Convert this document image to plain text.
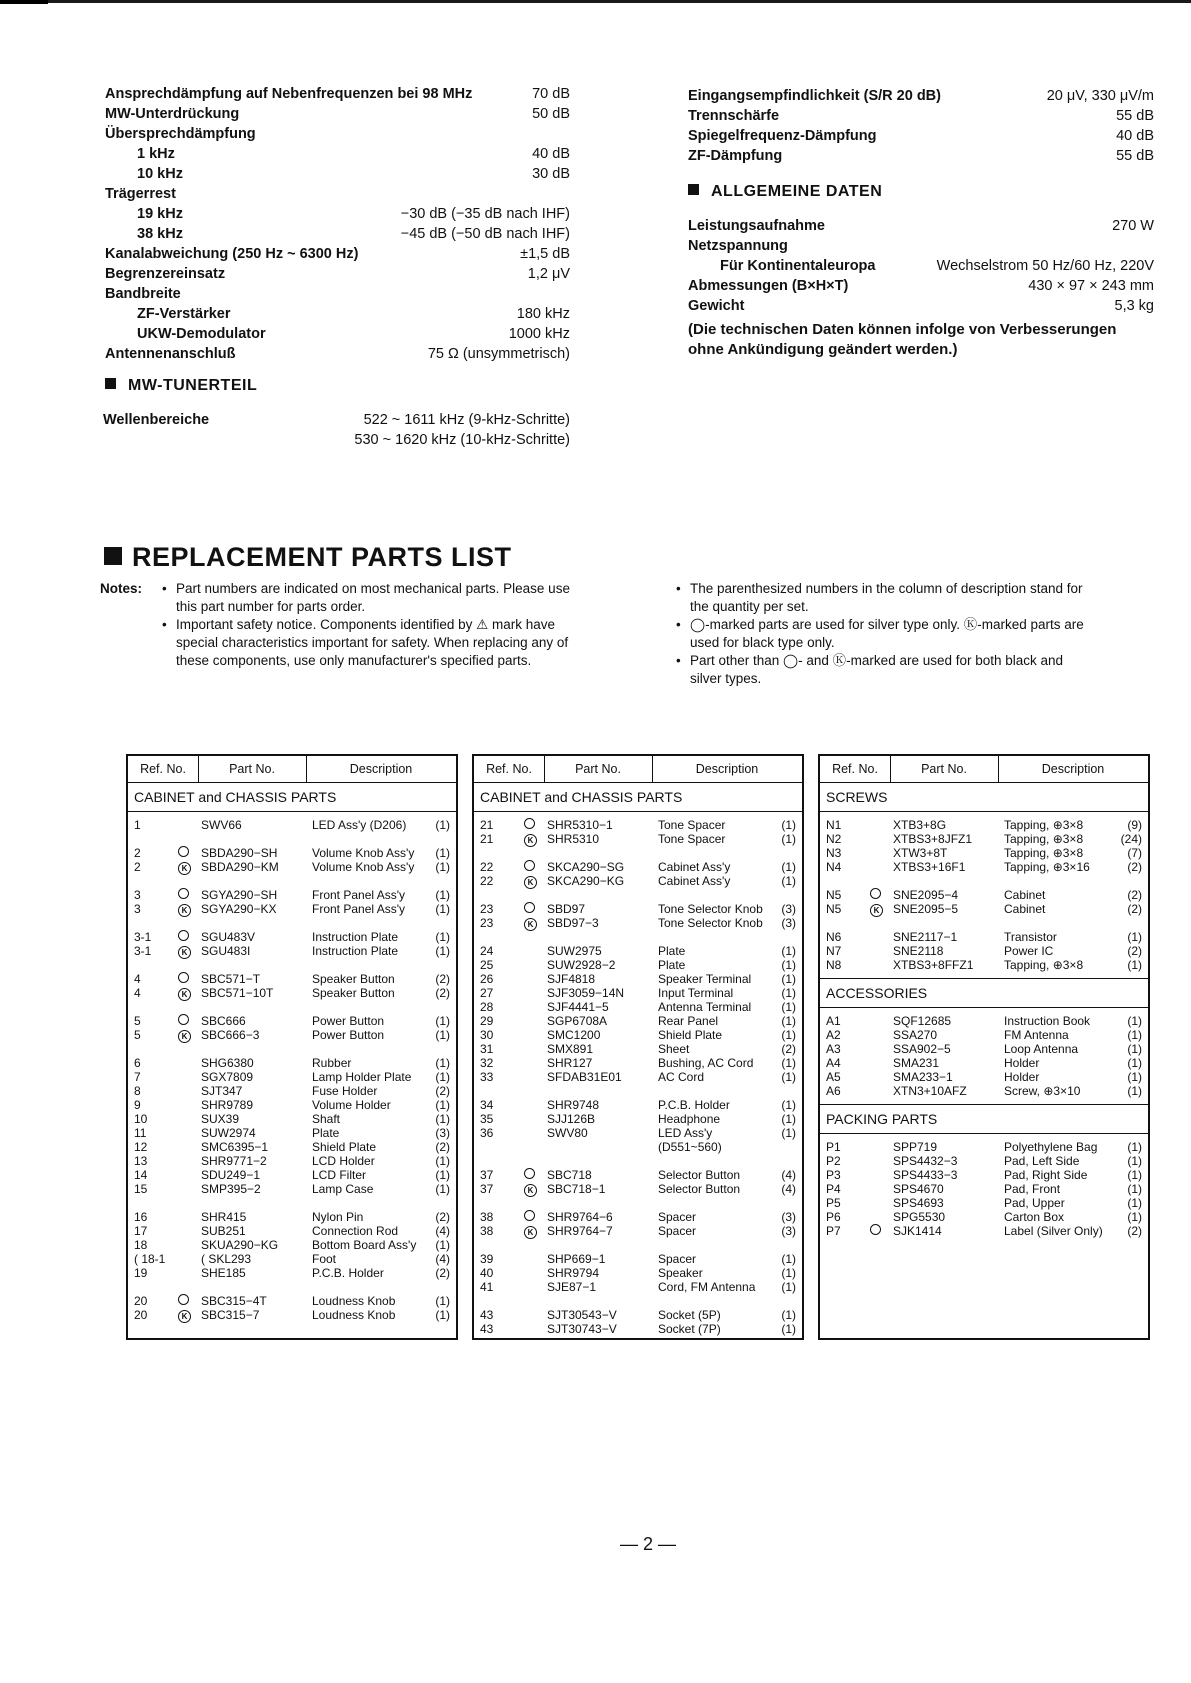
Ansprechdämpfung auf Nebenfrequenzen bei 98 MHz	70 dB
MW-Unterdrückung	50 dB
Übersprechdämpfung
1 kHz	40 dB
10 kHz	30 dB
Trägerrest
19 kHz	−30 dB (−35 dB nach IHF)
38 kHz	−45 dB (−50 dB nach IHF)
Kanalabweichung (250 Hz ~ 6300 Hz)	±1,5 dB
Begrenzereinsatz	1,2 μV
Bandbreite
ZF-Verstärker	180 kHz
UKW-Demodulator	1000 kHz
Antennenanschluß	75 Ω (unsymmetrisch)
MW-TUNERTEIL
Wellenbereiche	522 ~ 1611 kHz (9-kHz-Schritte)
530 ~ 1620 kHz (10-kHz-Schritte)
Eingangsempfindlichkeit (S/R 20 dB)	20 μV, 330 μV/m
Trennschärfe	55 dB
Spiegelfrequenz-Dämpfung	40 dB
ZF-Dämpfung	55 dB
ALLGEMEINE DATEN
Leistungsaufnahme	270 W
Netzspannung
Für Kontinentaleuropa	Wechselstrom 50 Hz/60 Hz, 220V
Abmessungen (B×H×T)	430 × 97 × 243 mm
Gewicht	5,3 kg
(Die technischen Daten können infolge von Verbesserungen ohne Ankündigung geändert werden.)
REPLACEMENT PARTS LIST
Notes:
•	Part numbers are indicated on most mechanical parts. Please use this part number for parts order.
• Important safety notice. Components identified by ⚠ mark have special characteristics important for safety. When replacing any of these components, use only manufacturer's specified parts.
• The parenthesized numbers in the column of description stand for the quantity per set.
• ◯-marked parts are used for silver type only. Ⓚ-marked parts are used for black type only.
• Part other than ◯- and Ⓚ-marked are used for both black and silver types.
Ref. No.	Part No.	Description
CABINET and CHASSIS PARTS
1	SWV66	LED Ass'y (D206) (1)
2	SBDA290−SH	Volume Knob Ass'y (1)
2	K	SBDA290−KM	Volume Knob Ass'y (1)
3	SGYA290−SH	Front Panel Ass'y	(1)
3	K	SGYA290−KX	Front Panel Ass'y	(1)
3-1	SGU483V	Instruction Plate	(1)
3-1	K	SGU483I	Instruction Plate	(1)
4	SBC571−T	Speaker Button	(2)
4	K	SBC571−10T	Speaker Button	(2)
5	SBC666	Power Button	(1)
5	K	SBC666−3	Power Button	(1)
6	SHG6380	Rubber	(1)
7	SGX7809	Lamp Holder Plate (1)
8	SJT347	Fuse Holder	(2)
9	SHR9789	Volume Holder	(1)
10	SUX39	Shaft	(1)
11	SUW2974	Plate	(3)
12	SMC6395−1	Shield Plate	(2)
13	SHR9771−2	LCD Holder	(1)
14	SDU249−1	LCD Filter	(1)
15	SMP395−2	Lamp Case	(1)
16	SHR415	Nylon Pin	(2)
17	SUB251	Connection Rod	(4)
18	SKUA290−KG	Bottom Board Ass'y (1)
( 18-1	( SKL293	Foot	(4)
19	SHE185	P.C.B. Holder	(2)
20	SBC315−4T	Loudness Knob	(1)
20	K	SBC315−7	Loudness Knob	(1)
Ref. No.	Part No.	Description
CABINET and CHASSIS PARTS
21	SHR5310−1	Tone Spacer	(1)
21	K	SHR5310	Tone Spacer	(1)
22	SKCA290−SG	Cabinet Ass'y	(1)
22	K	SKCA290−KG	Cabinet Ass'y	(1)
23	SBD97	Tone Selector Knob (3)
23	K	SBD97−3	Tone Selector Knob (3)
24	SUW2975	Plate	(1)
25	SUW2928−2	Plate	(1)
26	SJF4818	Speaker Terminal	(1)
27	SJF3059−14N	Input Terminal	(1)
28	SJF4441−5	Antenna Terminal	(1)
29	SGP6708A	Rear Panel	(1)
30	SMC1200	Shield Plate	(1)
31	SMX891	Sheet	(2)
32	SHR127	Bushing, AC Cord (1)
33	SFDAB31E01	AC Cord	(1)
34	SHR9748	P.C.B. Holder	(1)
35	SJJ126B	Headphone	(1)
36	SWV80	LED Ass'y	(1)
(D551~560)
37	SBC718	Selector Button	(4)
37	K	SBC718−1	Selector Button	(4)
38	SHR9764−6	Spacer	(3)
38	K	SHR9764−7	Spacer	(3)
39	SHP669−1	Spacer	(1)
40	SHR9794	Speaker	(1)
41	SJE87−1	Cord, FM Antenna (1)
43	SJT30543−V	Socket (5P)	(1)
43	SJT30743−V	Socket (7P)	(1)
Ref. No.	Part No.	Description
SCREWS
N1	XTB3+8G	Tapping, ⊕3×8	(9)
N2	XTBS3+8JFZ1	Tapping, ⊕3×8	(24)
N3	XTW3+8T	Tapping, ⊕3×8	(7)
N4	XTBS3+16F1	Tapping, ⊕3×16	(2)
N5	SNE2095−4	Cabinet	(2)
N5	K	SNE2095−5	Cabinet	(2)
N6	SNE2117−1	Transistor	(1)
N7	SNE2118	Power IC	(2)
N8	XTBS3+8FFZ1	Tapping, ⊕3×8	(1)
ACCESSORIES
A1	SQF12685	Instruction Book	(1)
A2	SSA270	FM Antenna	(1)
A3	SSA902−5	Loop Antenna	(1)
A4	SMA231	Holder	(1)
A5	SMA233−1	Holder	(1)
A6	XTN3+10AFZ	Screw, ⊕3×10	(1)
PACKING PARTS
P1	SPP719	Polyethylene Bag (1)
P2	SPS4432−3	Pad, Left Side	(1)
P3	SPS4433−3	Pad, Right Side	(1)
P4	SPS4670	Pad, Front	(1)
P5	SPS4693	Pad, Upper	(1)
P6	SPG5530	Carton Box	(1)
P7	SJK1414	Label (Silver Only) (2)
— 2 —
